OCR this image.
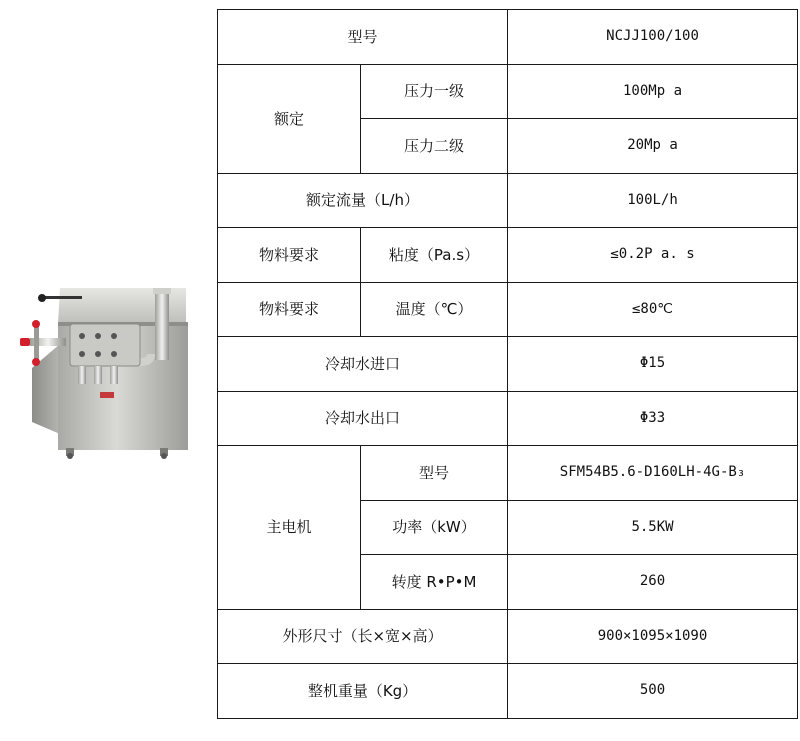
型号		NCJJ100/100
额定	压力一级	100Mp a
	压力二级	20Mp a
额定流量（L/h）		100L/h
物料要求	粘度（Pa.s）	≤0.2P a. s
物料要求	温度（℃）	≤80℃
冷却水进口		Φ15
冷却水出口		Φ33
主电机	型号	SFM54B5.6-D160LH-4G-B₃
	功率（kW）	5.5KW
	转度 R•P•M	260
外形尺寸（长×宽×高）		900×1095×1090
整机重量（Kg）		500
